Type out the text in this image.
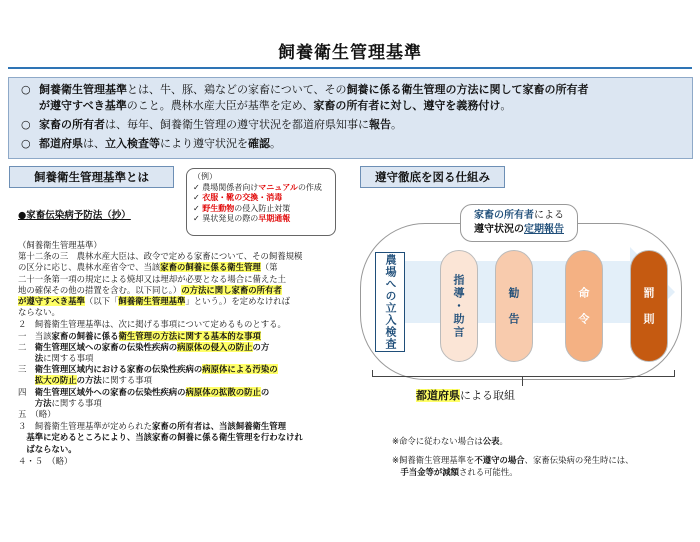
飼養衛生管理基準
○ 飼養衛生管理基準とは、牛、豚、鶏などの家畜について、その飼養に係る衛生管理の方法に関して家畜の所有者
が遵守すべき基準のこと。農林水産大臣が基準を定め、家畜の所有者に対し、遵守を義務付け。
○ 家畜の所有者は、毎年、飼養衛生管理の遵守状況を都道府県知事に報告。
○ 都道府県は、立入検査等により遵守状況を確認。
飼養衛生管理基準とは	（例）
✓ 農場関係者向けマニュアルの作成
✓ 衣服・靴の交換・消毒
✓ 野生動物の侵入防止対策
✓ 異状発見の際の早期通報
●家畜伝染病予防法（抄）
（飼養衛生管理基準）
第十二条の三　農林水産大臣は、政令で定める家畜について、その飼養規模
の区分に応じ、農林水産省令で、当該家畜の飼養に係る衛生管理（第
二十一条第一項の規定による焼却又は埋却が必要となる場合に備えた土
地の確保その他の措置を含む。以下同じ。）の方法に関し家畜の所有者
が遵守すべき基準（以下「飼養衛生管理基準」という。）を定めなければ
ならない。
２　飼養衛生管理基準は、次に掲げる事項について定めるものとする。
一　当該家畜の飼養に係る衛生管理の方法に関する基本的な事項
二　衛生管理区域への家畜の伝染性疾病の病原体の侵入の防止の方
　　法に関する事項
三　衛生管理区域内における家畜の伝染性疾病の病原体による汚染の
　　拡大の防止の方法に関する事項
四　衛生管理区域外への家畜の伝染性疾病の病原体の拡散の防止の
　　方法に関する事項
五　（略）
３　飼養衛生管理基準が定められた家畜の所有者は、当該飼養衛生管理
　基準に定めるところにより、当該家畜の飼養に係る衛生管理を行わなけれ
　ばならない。
４・５　（略）
遵守徹底を図る仕組み
家畜の所有者による
遵守状況の定期報告
農場への立入検査	指導・助言	勧　告	命　令	罰　則
都道府県による取組
※命令に従わない場合は公表。
※飼養衛生管理基準を不遵守の場合、家畜伝染病の発生時には、
　手当金等が減額される可能性。
